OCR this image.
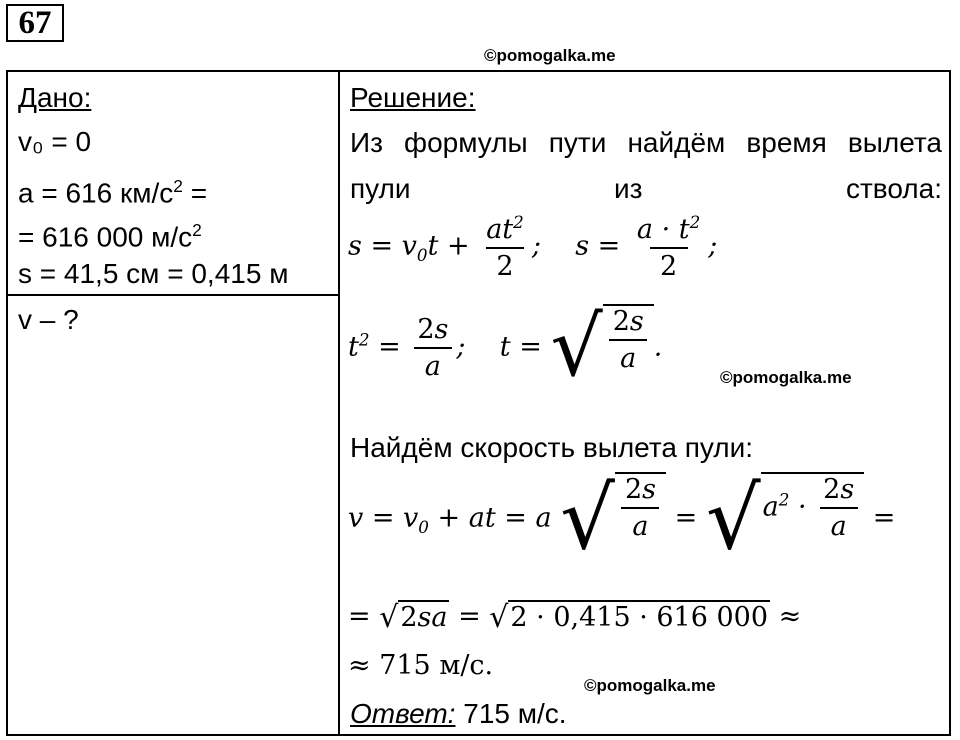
67
©pomogalka.me
Дано:
v₀ = 0
a = 616 $км/с^2$ =
= 616 000 $м/с^2$
s = 41,5 см = 0,415 м
v – ?
Решение:
Из формулы пути найдём время вылета пули из ствола:
$s = v_0t + \frac{at^2}{2}$ ;    $s = \frac{a \cdot t^2}{2}$ ;
$t^2 = \frac{2s}{a}$ ;    t = √ $\frac{2s}{a}$ .
©pomogalka.me
Найдём скорость вылета пули:
$v = v_0$ + at = a √ $\frac{2s}{a}$ = √ $a^2 \cdot \frac{2s}{a}$ =
= √ 2sa = √ 2 · 0,415 · 616 000 ≈
≈ 715 м/с.
©pomogalka.me
Ответ: 715 м/с.
